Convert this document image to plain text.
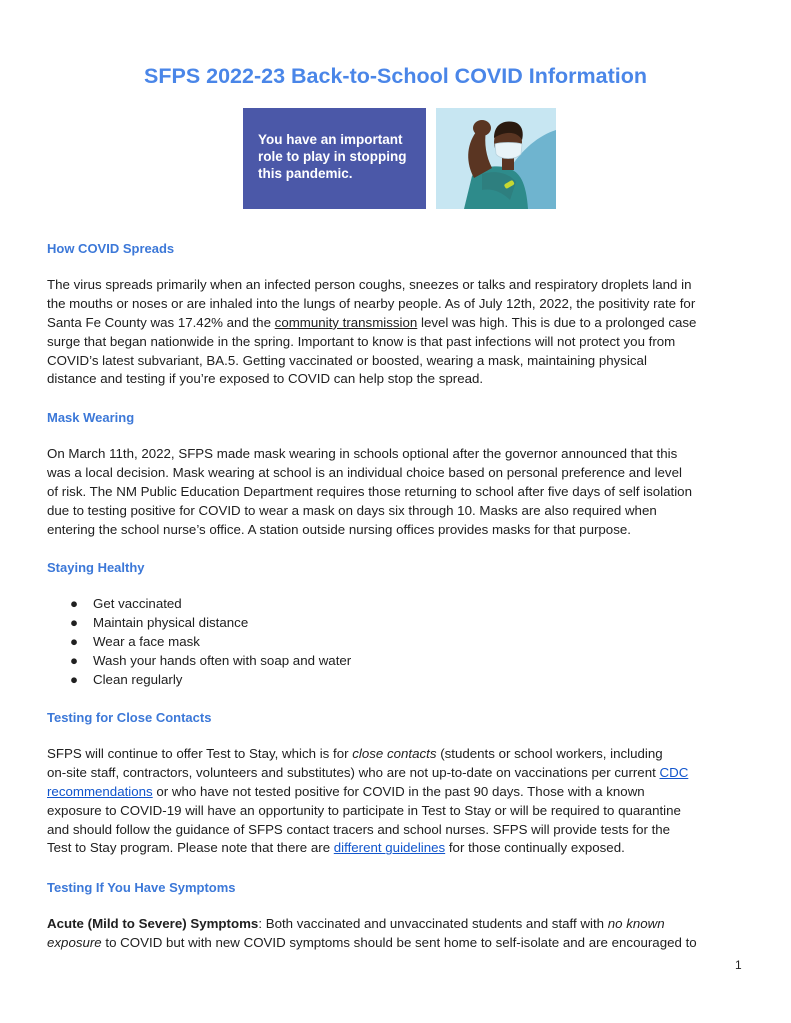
SFPS 2022-23 Back-to-School COVID Information
You have an important
role to play in stopping
this pandemic.
How COVID Spreads
The virus spreads primarily when an infected person coughs, sneezes or talks and respiratory droplets land in
the mouths or noses or are inhaled into the lungs of nearby people. As of July 12th, 2022, the positivity rate for
Santa Fe County was 17.42% and the community transmission level was high. This is due to a prolonged case
surge that began nationwide in the spring. Important to know is that past infections will not protect you from
COVID’s latest subvariant, BA.5. Getting vaccinated or boosted, wearing a mask, maintaining physical
distance and testing if you’re exposed to COVID can help stop the spread.
Mask Wearing
On March 11th, 2022, SFPS made mask wearing in schools optional after the governor announced that this
was a local decision. Mask wearing at school is an individual choice based on personal preference and level
of risk. The NM Public Education Department requires those returning to school after five days of self isolation
due to testing positive for COVID to wear a mask on days six through 10. Masks are also required when
entering the school nurse’s office. A station outside nursing offices provides masks for that purpose.
Staying Healthy
● Get vaccinated
● Maintain physical distance
● Wear a face mask
● Wash your hands often with soap and water
● Clean regularly
Testing for Close Contacts
SFPS will continue to offer Test to Stay, which is for close contacts (students or school workers, including
on-site staff, contractors, volunteers and substitutes) who are not up-to-date on vaccinations per current CDC
recommendations or who have not tested positive for COVID in the past 90 days. Those with a known
exposure to COVID-19 will have an opportunity to participate in Test to Stay or will be required to quarantine
and should follow the guidance of SFPS contact tracers and school nurses. SFPS will provide tests for the
Test to Stay program. Please note that there are different guidelines for those continually exposed.
Testing If You Have Symptoms
Acute (Mild to Severe) Symptoms: Both vaccinated and unvaccinated students and staff with no known
exposure to COVID but with new COVID symptoms should be sent home to self-isolate and are encouraged to
1
